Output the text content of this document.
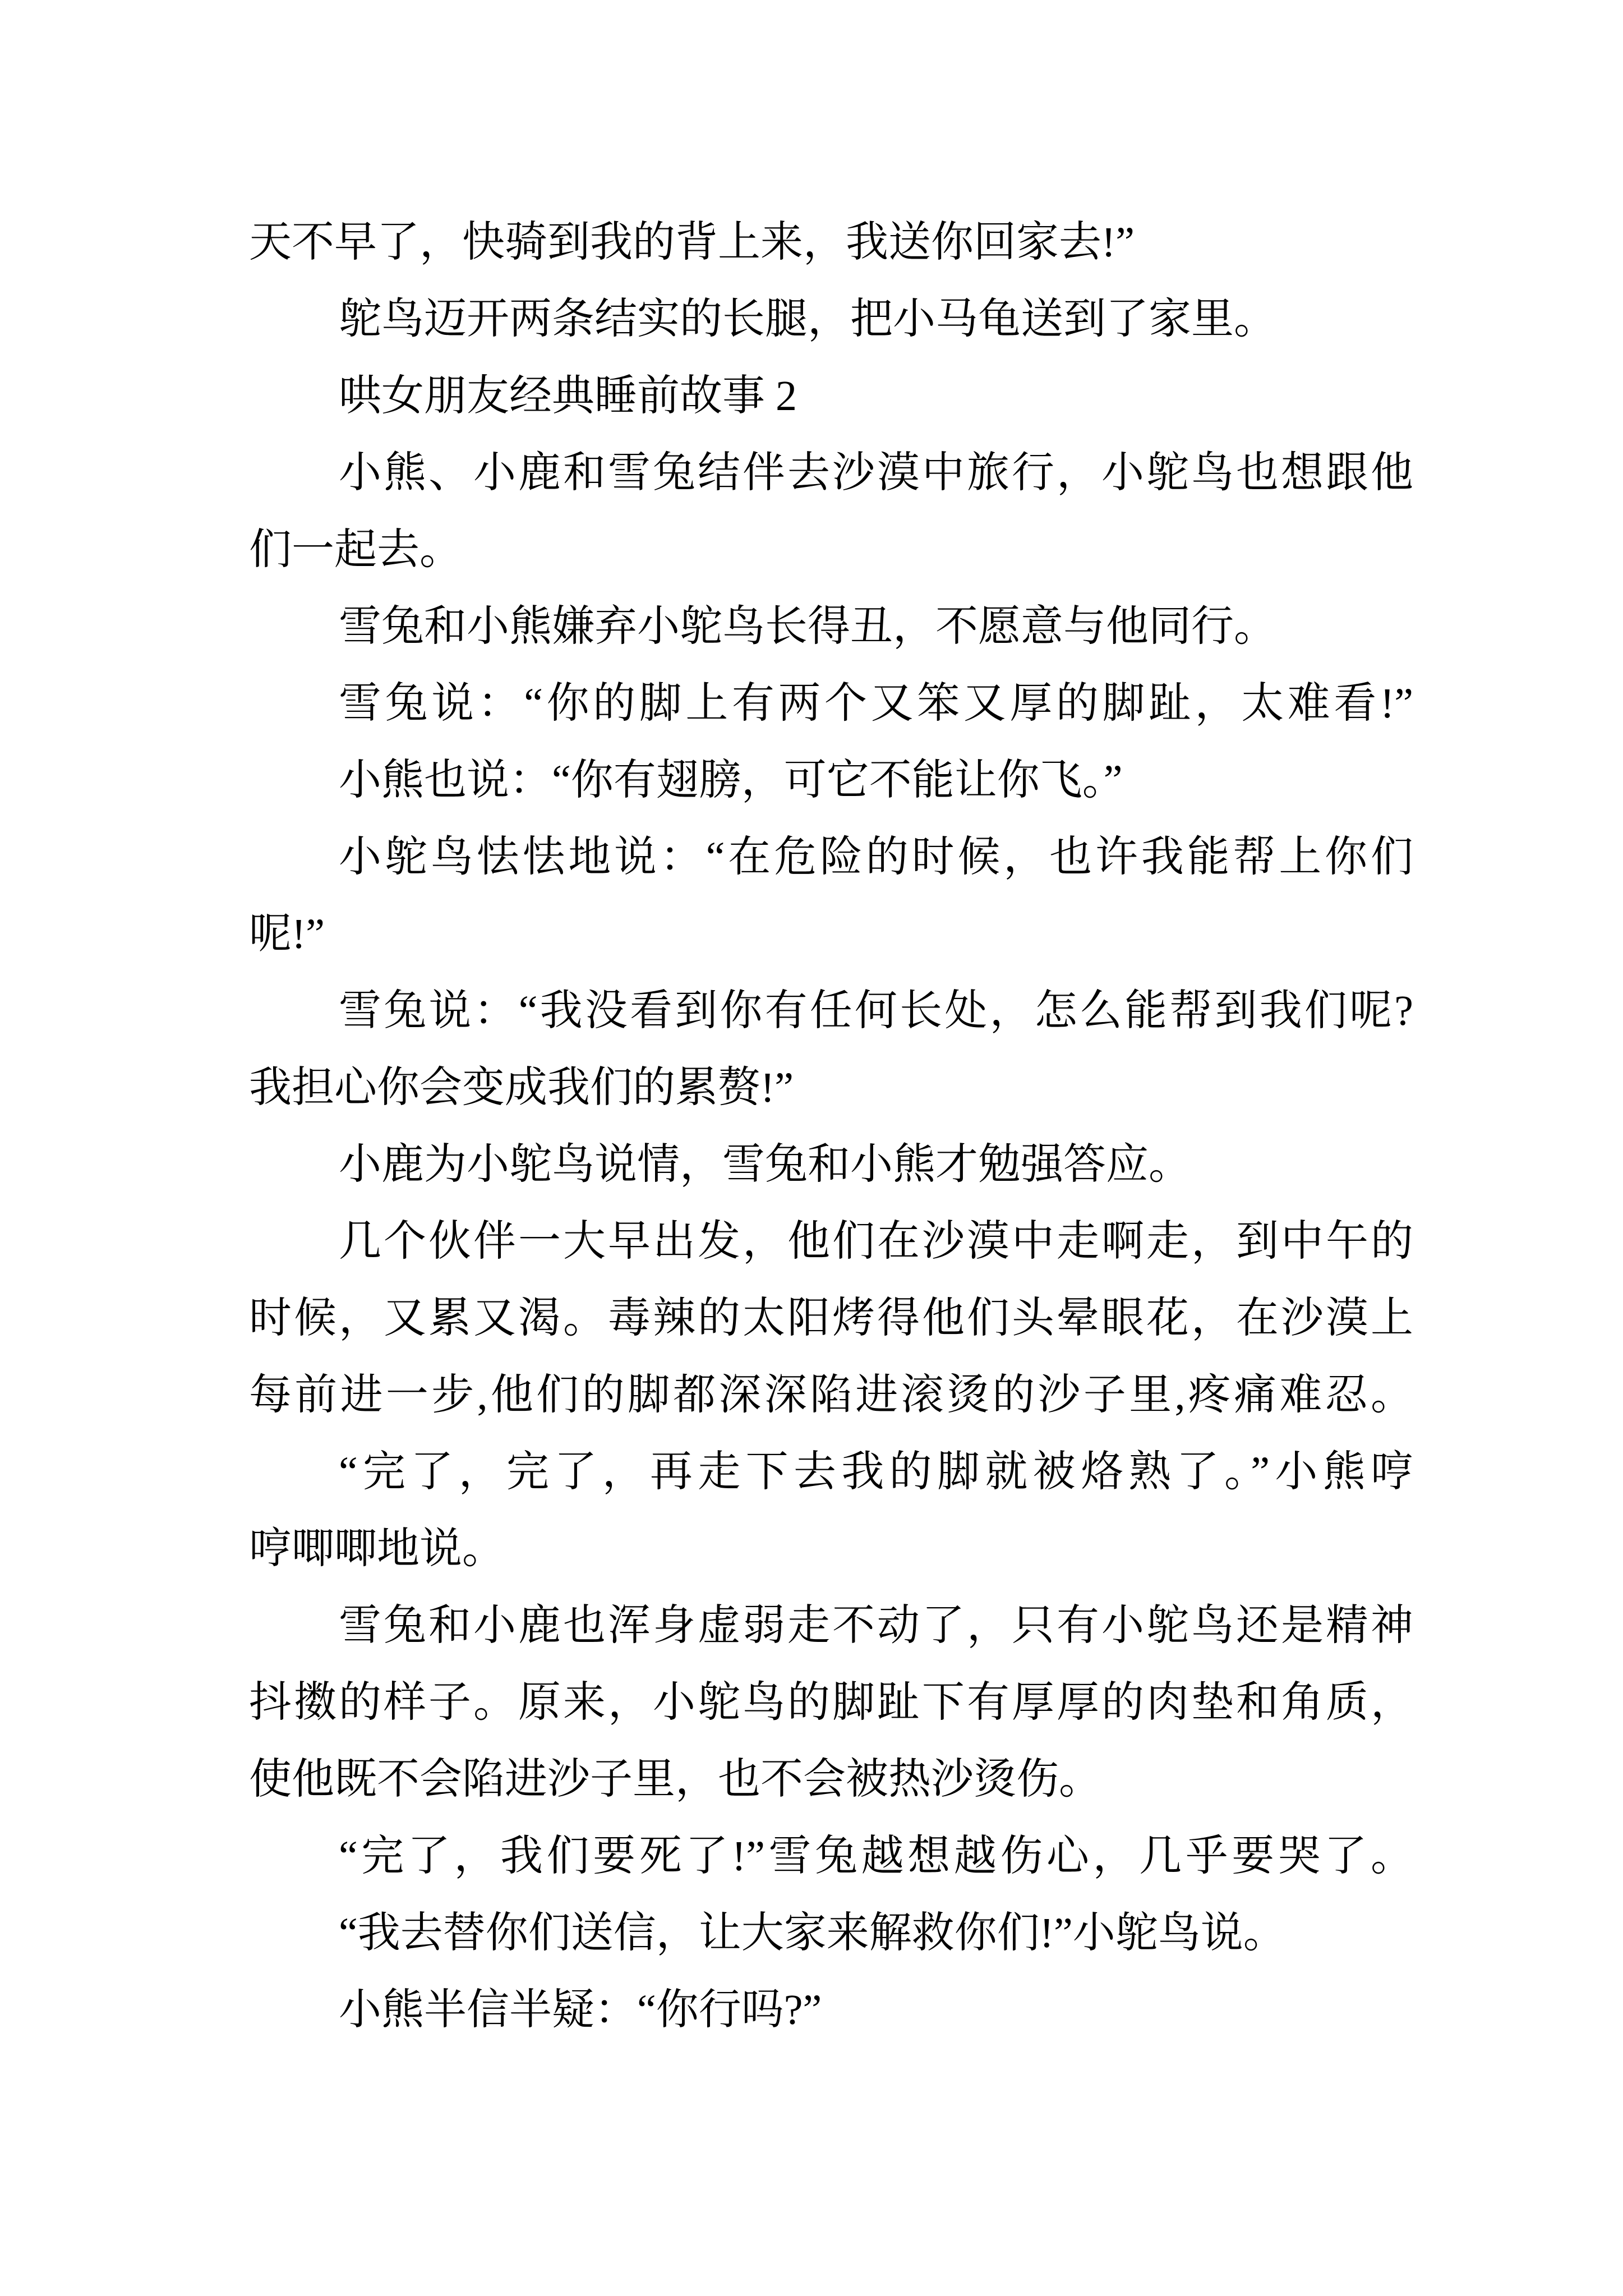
天不早了，快骑到我的背上来，我送你回家去!”
鸵鸟迈开两条结实的长腿，把小马龟送到了家里。
哄女朋友经典睡前故事 2
小熊、小鹿和雪兔结伴去沙漠中旅行，小鸵鸟也想跟他
们一起去。
雪兔和小熊嫌弃小鸵鸟长得丑，不愿意与他同行。
雪兔说：“你的脚上有两个又笨又厚的脚趾，太难看!”
小熊也说：“你有翅膀，可它不能让你飞。”
小鸵鸟怯怯地说：“在危险的时候，也许我能帮上你们
呢!”
雪兔说：“我没看到你有任何长处，怎么能帮到我们呢?
我担心你会变成我们的累赘!”
小鹿为小鸵鸟说情，雪兔和小熊才勉强答应。
几个伙伴一大早出发，他们在沙漠中走啊走，到中午的
时候，又累又渴。毒辣的太阳烤得他们头晕眼花，在沙漠上
每前进一步,他们的脚都深深陷进滚烫的沙子里,疼痛难忍。
“完了，完了，再走下去我的脚就被烙熟了。”小熊哼
哼唧唧地说。
雪兔和小鹿也浑身虚弱走不动了，只有小鸵鸟还是精神
抖擞的样子。原来，小鸵鸟的脚趾下有厚厚的肉垫和角质，
使他既不会陷进沙子里，也不会被热沙烫伤。
“完了，我们要死了!”雪兔越想越伤心，几乎要哭了。
“我去替你们送信，让大家来解救你们!”小鸵鸟说。
小熊半信半疑：“你行吗?”
